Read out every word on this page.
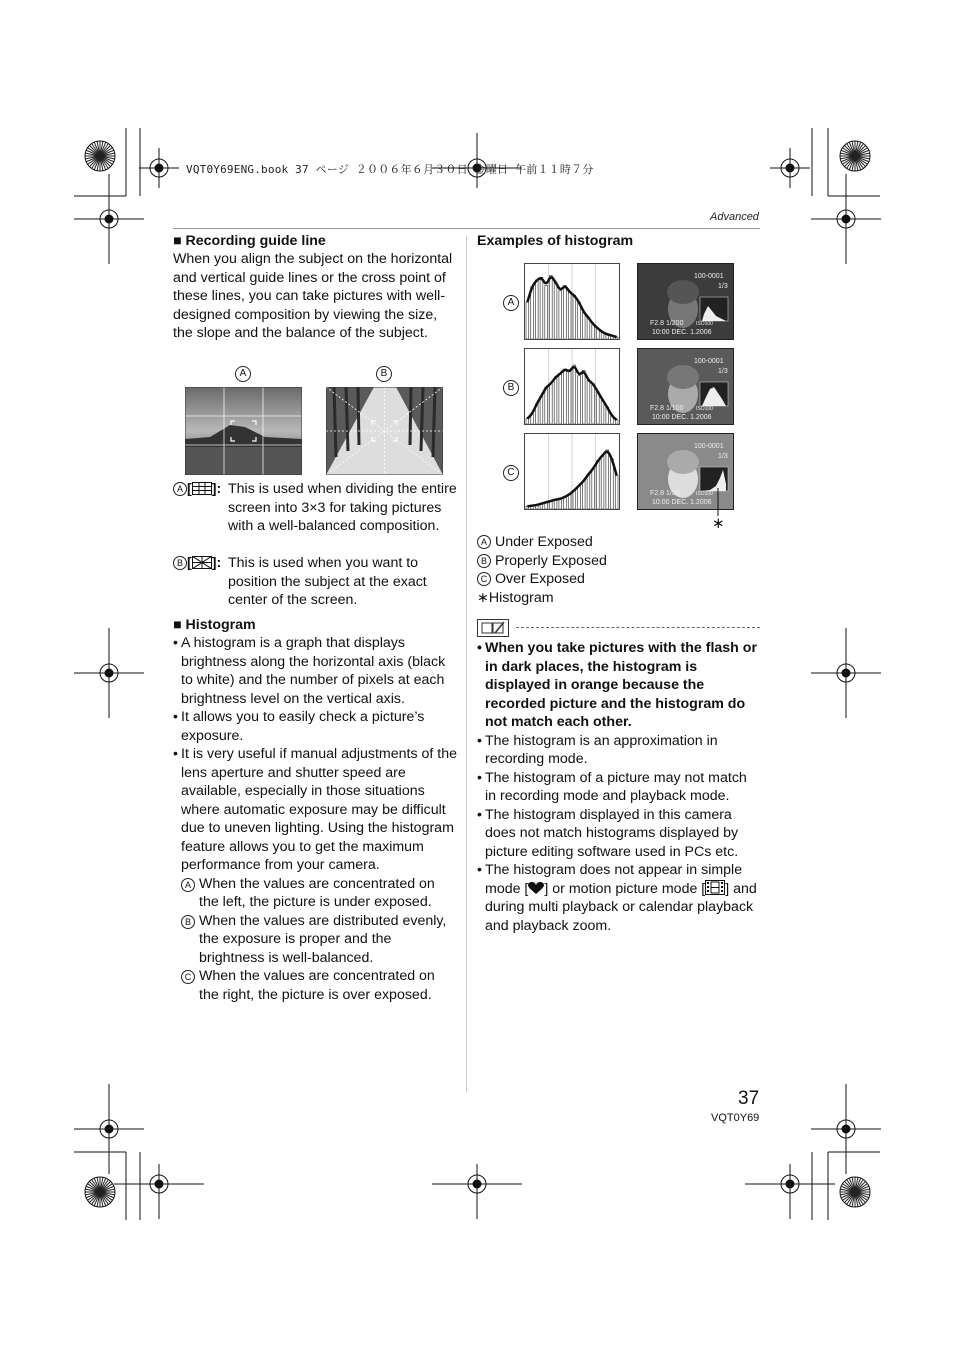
VQT0Y69ENG.book 37 ページ ２００６年６月３０日 金曜日 午前１１時７分
Advanced
■ Recording guide line
When you align the subject on the horizontal and vertical guide lines or the cross point of these lines, you can take pictures with well-designed composition by viewing the size, the slope and the balance of the subject.
A	B
A [ ]: This is used when dividing the entire screen into 3×3 for taking pictures with a well-balanced composition.
B [ ]: This is used when you want to position the subject at the exact center of the screen.
■ Histogram
• A histogram is a graph that displays brightness along the horizontal axis (black to white) and the number of pixels at each brightness level on the vertical axis.
• It allows you to easily check a picture’s exposure.
• It is very useful if manual adjustments of the lens aperture and shutter speed are available, especially in those situations where automatic exposure may be difficult due to uneven lighting. Using the histogram feature allows you to get the maximum performance from your camera.
A When the values are concentrated on the left, the picture is under exposed.
B When the values are distributed evenly, the exposure is proper and the brightness is well-balanced.
C When the values are concentrated on the right, the picture is over exposed.
Examples of histogram
A
B
C
100-0001
1/3
F2.8 1/200	ISO100
10:00 DEC. 1.2006
100-0001
1/3
F2.8 1/100	ISO100
10:00 DEC. 1.2006
100-0001
1/3
F2.8 1/50	ISO100
10:00 DEC. 1.2006
∗
A Under Exposed
B Properly Exposed
C Over Exposed
∗Histogram
• When you take pictures with the flash or in dark places, the histogram is displayed in orange because the recorded picture and the histogram do not match each other.
• The histogram is an approximation in recording mode.
• The histogram of a picture may not match in recording mode and playback mode.
• The histogram displayed in this camera does not match histograms displayed by picture editing software used in PCs etc.
• The histogram does not appear in simple mode [ ] or motion picture mode [ ] and during multi playback or calendar playback and playback zoom.
37
VQT0Y69
